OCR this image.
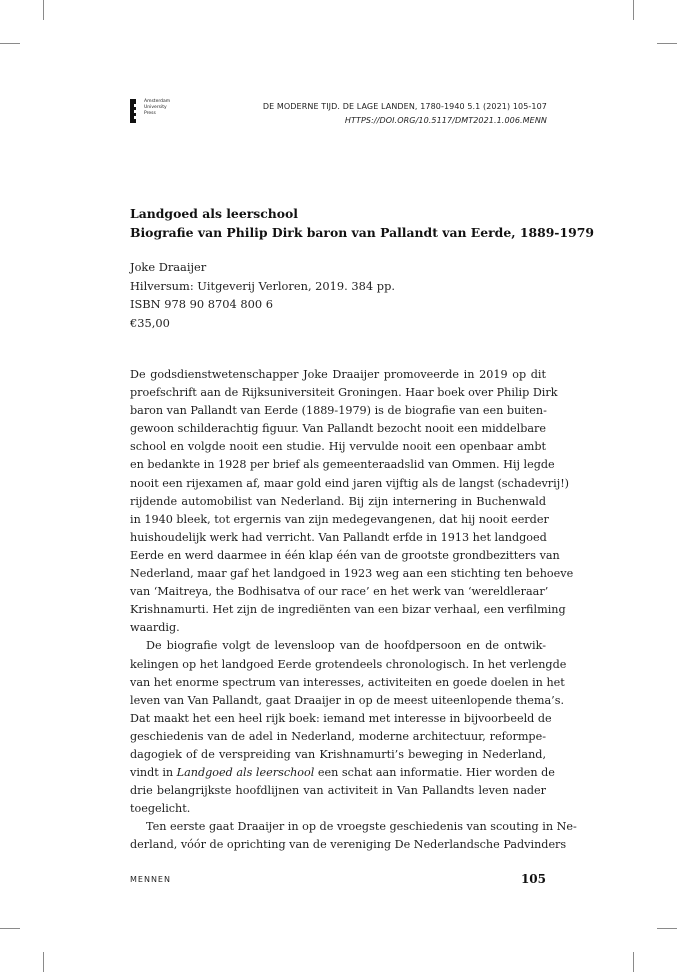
Amsterdam
University
Press
DE MODERNE TIJD. DE LAGE LANDEN, 1780-1940 5.1 (2021) 105-107
HTTPS://DOI.ORG/10.5117/DMT2021.1.006.MENN
Landgoed als leerschool
Biografie van Philip Dirk baron van Pallandt van Eerde, 1889-1979
Joke Draaijer
Hilversum: Uitgeverij Verloren, 2019. 384 pp.
ISBN 978 90 8704 800 6
€35,00
De godsdienstwetenschapper Joke Draaijer promoveerde in 2019 op dit
proefschrift aan de Rijksuniversiteit Groningen. Haar boek over Philip Dirk
baron van Pallandt van Eerde (1889-1979) is de biografie van een buiten-
gewoon schilderachtig figuur. Van Pallandt bezocht nooit een middelbare
school en volgde nooit een studie. Hij vervulde nooit een openbaar ambt
en bedankte in 1928 per brief als gemeenteraadslid van Ommen. Hij legde
nooit een rijexamen af, maar gold eind jaren vijftig als de langst (schadevrij!)
rijdende automobilist van Nederland. Bij zijn internering in Buchenwald
in 1940 bleek, tot ergernis van zijn medegevangenen, dat hij nooit eerder
huishoudelijk werk had verricht. Van Pallandt erfde in 1913 het landgoed
Eerde en werd daarmee in één klap één van de grootste grondbezitters van
Nederland, maar gaf het landgoed in 1923 weg aan een stichting ten behoeve
van ‘Maitreya, the Bodhisatva of our race’ en het werk van ‘wereldleraar’
Krishnamurti. Het zijn de ingrediënten van een bizar verhaal, een verfilming
waardig.
De biografie volgt de levensloop van de hoofdpersoon en de ontwik-
kelingen op het landgoed Eerde grotendeels chronologisch. In het verlengde
van het enorme spectrum van interesses, activiteiten en goede doelen in het
leven van Van Pallandt, gaat Draaijer in op de meest uiteenlopende thema’s.
Dat maakt het een heel rijk boek: iemand met interesse in bijvoorbeeld de
geschiedenis van de adel in Nederland, moderne architectuur, reformpe-
dagogiek of de verspreiding van Krishnamurti’s beweging in Nederland,
vindt in Landgoed als leerschool een schat aan informatie. Hier worden de
drie belangrijkste hoofdlijnen van activiteit in Van Pallandts leven nader
toegelicht.
Ten eerste gaat Draaijer in op de vroegste geschiedenis van scouting in Ne-
derland, vóór de oprichting van de vereniging De Nederlandsche Padvinders
MENNEN	105
